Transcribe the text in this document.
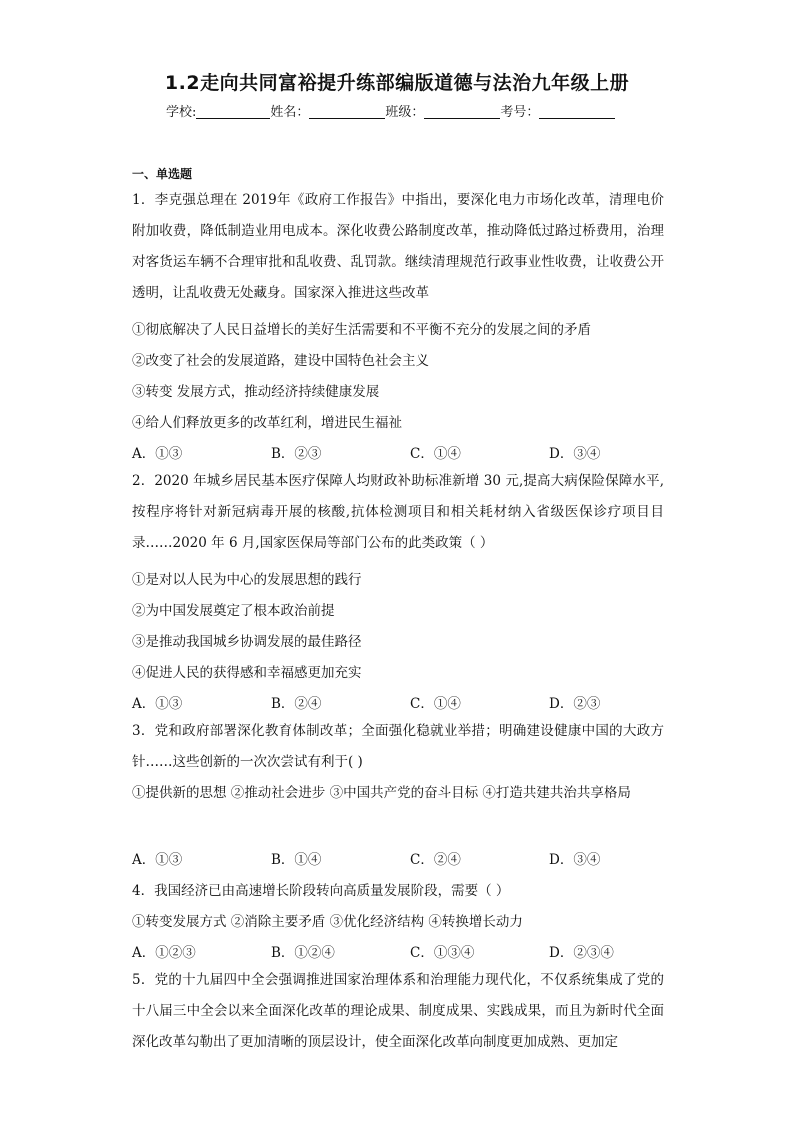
1.2走向共同富裕提升练部编版道德与法治九年级上册
学校:	姓名：	班级：	考号：
一、单选题
1．李克强总理在 2019年《政府工作报告》中指出，要深化电力市场化改革，清理电价附加收费，降低制造业用电成本。深化收费公路制度改革，推动降低过路过桥费用，治理对客货运车辆不合理审批和乱收费、乱罚款。继续清理规范行政事业性收费，让收费公开透明，让乱收费无处藏身。国家深入推进这些改革
①彻底解决了人民日益增长的美好生活需要和不平衡不充分的发展之间的矛盾
②改变了社会的发展道路，建设中国特色社会主义
③转变 发展方式，推动经济持续健康发展
④给人们释放更多的改革红利，增进民生福祉
A．①③	B．②③	C．①④	D．③④
2．2020 年城乡居民基本医疗保障人均财政补助标准新增 30 元,提高大病保险保障水平,按程序将针对新冠病毒开展的核酸,抗体检测项目和相关耗材纳入省级医保诊疗项目目录……2020 年 6 月,国家医保局等部门公布的此类政策（ ）
①是对以人民为中心的发展思想的践行
②为中国发展奠定了根本政治前提
③是推动我国城乡协调发展的最佳路径
④促进人民的获得感和幸福感更加充实
A．①③	B．②④	C．①④	D．②③
3．党和政府部署深化教育体制改革；全面强化稳就业举措；明确建设健康中国的大政方针……这些创新的一次次尝试有利于( )
①提供新的思想 ②推动社会进步 ③中国共产党的奋斗目标 ④打造共建共治共享格局
A．①③	B．①④	C．②④	D．③④
4．我国经济已由高速增长阶段转向高质量发展阶段，需要（ ）
①转变发展方式 ②消除主要矛盾 ③优化经济结构 ④转换增长动力
A．①②③	B．①②④	C．①③④	D．②③④
5．党的十九届四中全会强调推进国家治理体系和治理能力现代化，不仅系统集成了党的十八届三中全会以来全面深化改革的理论成果、制度成果、实践成果，而且为新时代全面深化改革勾勒出了更加清晰的顶层设计，使全面深化改革向制度更加成熟、更加定
